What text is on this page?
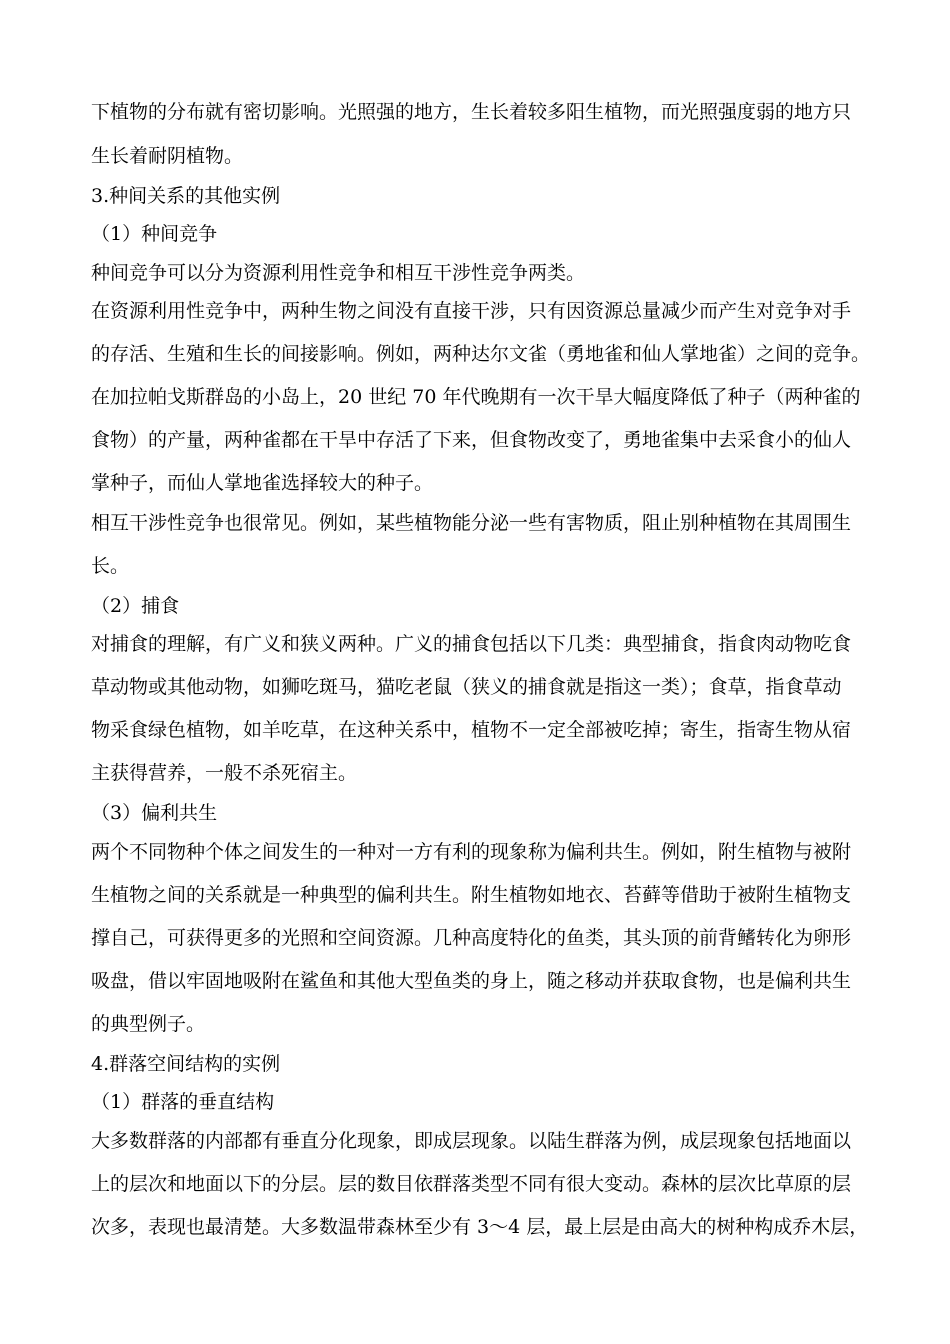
下植物的分布就有密切影响。光照强的地方，生长着较多阳生植物，而光照强度弱的地方只
生长着耐阴植物。
3.种间关系的其他实例
（1）种间竞争
种间竞争可以分为资源利用性竞争和相互干涉性竞争两类。
在资源利用性竞争中，两种生物之间没有直接干涉，只有因资源总量减少而产生对竞争对手
的存活、生殖和生长的间接影响。例如，两种达尔文雀（勇地雀和仙人掌地雀）之间的竞争。
在加拉帕戈斯群岛的小岛上，20 世纪 70 年代晚期有一次干旱大幅度降低了种子（两种雀的
食物）的产量，两种雀都在干旱中存活了下来，但食物改变了，勇地雀集中去采食小的仙人
掌种子，而仙人掌地雀选择较大的种子。
相互干涉性竞争也很常见。例如，某些植物能分泌一些有害物质，阻止别种植物在其周围生
长。
（2）捕食
对捕食的理解，有广义和狭义两种。广义的捕食包括以下几类：典型捕食，指食肉动物吃食
草动物或其他动物，如狮吃斑马，猫吃老鼠（狭义的捕食就是指这一类）；食草，指食草动
物采食绿色植物，如羊吃草，在这种关系中，植物不一定全部被吃掉；寄生，指寄生物从宿
主获得营养，一般不杀死宿主。
（3）偏利共生
两个不同物种个体之间发生的一种对一方有利的现象称为偏利共生。例如，附生植物与被附
生植物之间的关系就是一种典型的偏利共生。附生植物如地衣、苔藓等借助于被附生植物支
撑自己，可获得更多的光照和空间资源。几种高度特化的鱼类，其头顶的前背鳍转化为卵形
吸盘，借以牢固地吸附在鲨鱼和其他大型鱼类的身上，随之移动并获取食物，也是偏利共生
的典型例子。
4.群落空间结构的实例
（1）群落的垂直结构
大多数群落的内部都有垂直分化现象，即成层现象。以陆生群落为例，成层现象包括地面以
上的层次和地面以下的分层。层的数目依群落类型不同有很大变动。森林的层次比草原的层
次多，表现也最清楚。大多数温带森林至少有 3～4 层，最上层是由高大的树种构成乔木层，
